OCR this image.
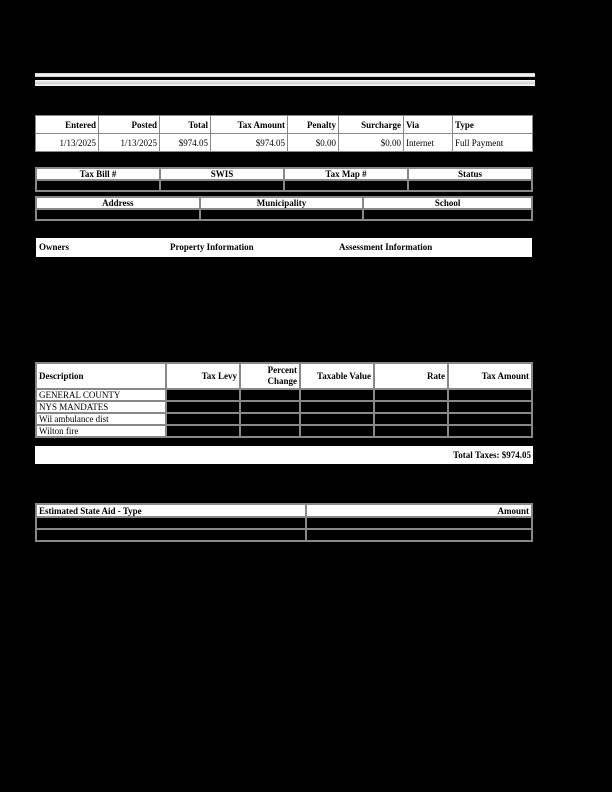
Entered	Posted	Total	Tax Amount	Penalty	Surcharge	Via	Type
1/13/2025	1/13/2025	$974.05	$974.05	$0.00	$0.00	Internet	Full Payment
Tax Bill #	SWIS	Tax Map #	Status

Address	Municipality	School

Owners	Property Information	Assessment Information
Description	Tax Levy	Percent Change	Taxable Value	Rate	Tax Amount
GENERAL COUNTY					
NYS MANDATES					
Wil ambulance dist					
Wilton fire					
Total Taxes: $974.05
Estimated State Aid - Type	Amount
